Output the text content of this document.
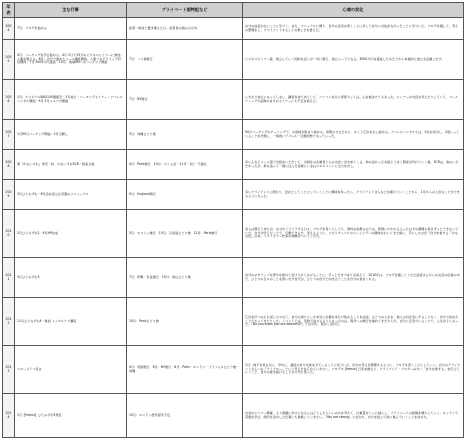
年表	主な行事	プライベート面特記など	心境の変化
2004	7月：ブログを始める	読書一時差と置き換えた日。読書者の組み合せ中。	自分の成長がないことに気づく。また、マニュアルに縛り、自分の意見を書くことに対して自分に自信がなかったことに気づいた。ブログを通して、考えの整理をし、アウトプットすることの楽しさを覚えた。
2005	3月：コーチングを学び始める。4月 2日で15万のビジネスセミナーに参加。人脈が増える。8月：自分で始めたメール講座開始。人脈プログラミング(1位獲得・7月 3000万円達成・10月：地域SMへのコーチング開始	7月：バリ島旅行	ビジネスセミナー後、独立していく知的な会いが一気に増え、独立ムードとなる。3000万円を達成したあたりから本格的に独立を意識し出す。
2006	1月：オリジナルBAG100個販売・3月独立・コーチングセミナー・アパレルコンサル開始・9月 3月メルマガ開始	7月：NY旅行	いきなり独立になってしまい、顧客を待て来ていて、パソコンを片に拝停りしては、心を悩ませてもあった。セミナーの内容を考えたりしていて、マーケティングや品物の自分のセミナーにも不安を抱えた。
2007	1月90日コーチング開始・2月当開し	3月：沖縄ひとり旅	90日コーチングのチーミングで、お客様が集まり始める。質問させるために、ネット広告を出し始める。アパレルコンサルでは、2社を担当し、2度いっていることを実現し、一時的にアパレル一辺倒状態となっていった。
2008	著『かないすむ』発売・秋、かないすむSCR・教室合宿	4月：Paris旅行　10月：ジム入会・11月・1匹・子猫生	多いんなどメール量で出版をいただいて、出版社の企画者と人の出会いが出来てくる。仲の良かった友達とうまく関係が切れていく後、SCRは、他のいただかったが、夢を追って一緒に住んだ家族にいまはマネジメントに全力を出し。
2009	3月ひとみずむ・6月会社設立＆学園のリニューアル	9月：England旅行	多いクライアントに関わり、会社としてことにしていくことに興味を持ったら、クライアントさんなどが満ちていくことから、1月からの人気なことができるようになった。
2010	2月ひとみずむ2・4月HP完成	3月：ボストン旅行　10月：石垣島ひとり旅　12月：Paris旅行	収入は増えて来たが、なぜかイライラする日々。ブログを書くにしても、資料を抜群るのでは、新規にかかわる入ったはずの期間も毎日ずっとできないでいた。自分が学んだことで、行動できるか、考えるように、スピリチュアルやヒーリングへの興味がわいてきた時に、手にしたのが『自分を愛する「かな文化』の本。ベストセラー作家の神様がついてくれた。
2011	3月ひとみずむ3	7月：伊勢・奈良旅行　10月：南仏ひとり旅	自分のネガティブな部分を認めて受け入れてあげることに、ずっと行きづまりが消えて、2010年は、ブログを通してくれた読者さんからの文章の応援の中で、ひとりの日々のことを思い出す自分が、ひとりの自分と向き合うことを自分の愛をくれる。
2012	11月ひとみずむ4・参加 メンタルケア講座	10月：Parisひとり旅	広告を打つのもお返しもやめて、自分の周りにしか本当に必要な本だけ集めることを決意。ひとりの人生を、他人の目を気にすることなく、自分で決めたことでやってきたりした。イベントでは、英語で話せるようになったのは、海外への旅行を重ねてきたからだ。自分に正直でいることで、人生がよくなった。『Do you know you are beautiful?』と言われ、涙がこぼれた。
2013	スローライフ宣言	4月：英国旅行　6月：NY旅行　8月：Paris・ロンドン・ブラッセルひとり旅・沖縄	1月：様子を見ながら、早めに、適度の自分を休ませていることに気づいた。自分の考えを整理するように、ブログを書くことにしていく。自分のクライアントさんへの『ワイアロー』という考え方を広めていきたい。ブログや [freeus] 日英本語など、クライアント・ブロガーの方へ「自分を愛する」を伝えていくこと、自分の愛を届けることが大切と思った。
2014	1月【freeus】ひとみずむ5発表	10月：ロンドン語学留学予定	自身のセミナー開催、より素敵に幸せになるにはどうしたらいいのかを考えて、仕事量をぐっと減らし、プライベートの時間を増やしていく。ロンドンで英語を学び、語学を活かした仕事にも挑戦していきたい。『You are strong』と言われ、自分を信じて前に進んでいくことを決めた。
